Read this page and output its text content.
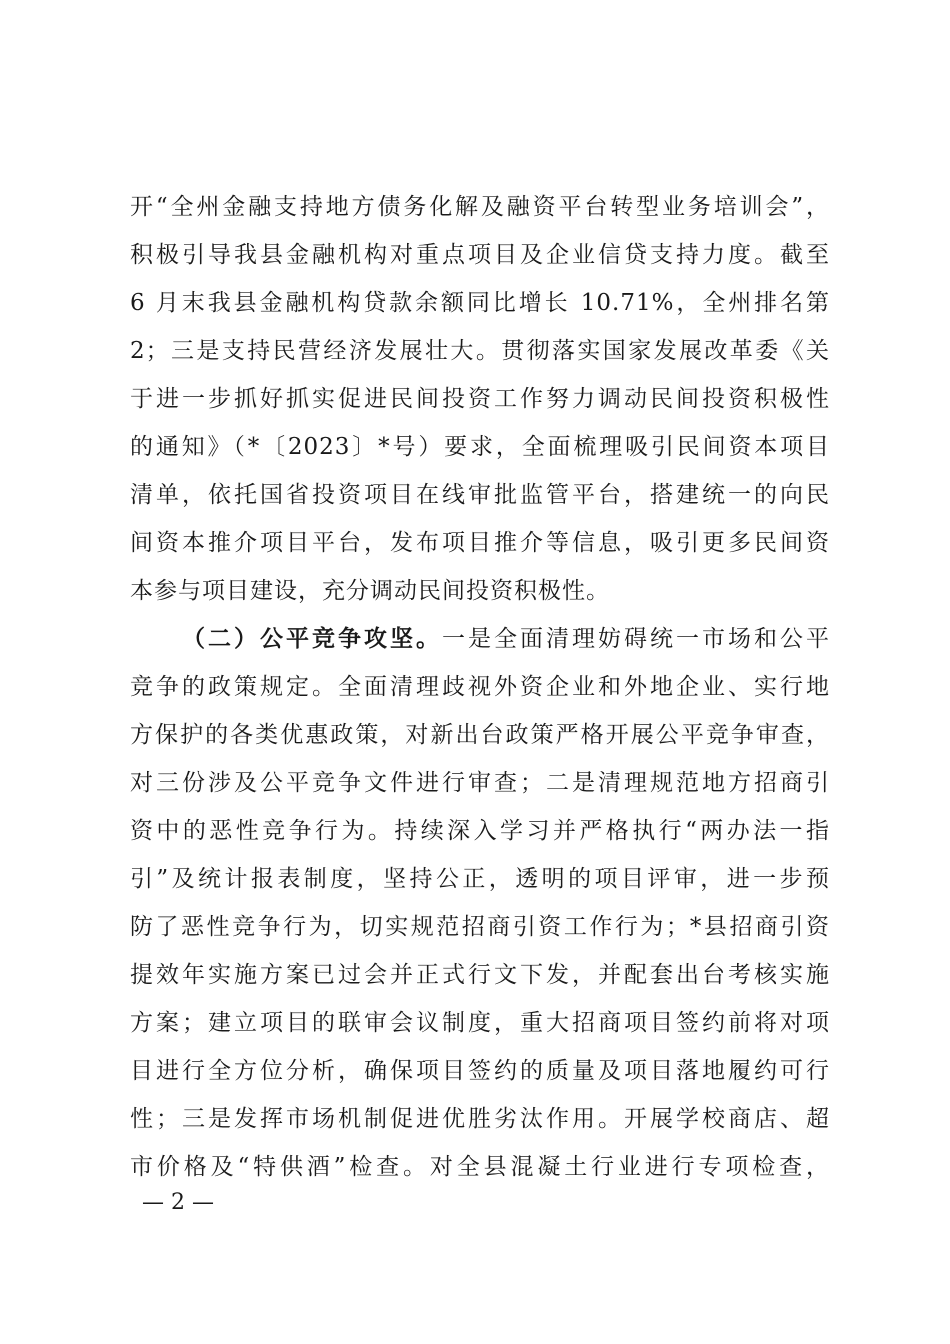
开“全州金融支持地方债务化解及融资平台转型业务培训会”，
积极引导我县金融机构对重点项目及企业信贷支持力度。截至
6 月末我县金融机构贷款余额同比增长 10.71%，全州排名第
2；三是支持民营经济发展壮大。贯彻落实国家发展改革委《关
于进一步抓好抓实促进民间投资工作努力调动民间投资积极性
的通知》（*〔2023〕*号）要求，全面梳理吸引民间资本项目
清单，依托国省投资项目在线审批监管平台，搭建统一的向民
间资本推介项目平台，发布项目推介等信息，吸引更多民间资
本参与项目建设，充分调动民间投资积极性。
（二）公平竞争攻坚。一是全面清理妨碍统一市场和公平
竞争的政策规定。全面清理歧视外资企业和外地企业、实行地
方保护的各类优惠政策，对新出台政策严格开展公平竞争审查，
对三份涉及公平竞争文件进行审查；二是清理规范地方招商引
资中的恶性竞争行为。持续深入学习并严格执行“两办法一指
引”及统计报表制度，坚持公正，透明的项目评审，进一步预
防了恶性竞争行为，切实规范招商引资工作行为；*县招商引资
提效年实施方案已过会并正式行文下发，并配套出台考核实施
方案；建立项目的联审会议制度，重大招商项目签约前将对项
目进行全方位分析，确保项目签约的质量及项目落地履约可行
性；三是发挥市场机制促进优胜劣汰作用。开展学校商店、超
市价格及“特供酒”检查。对全县混凝土行业进行专项检查，
— 2 —
